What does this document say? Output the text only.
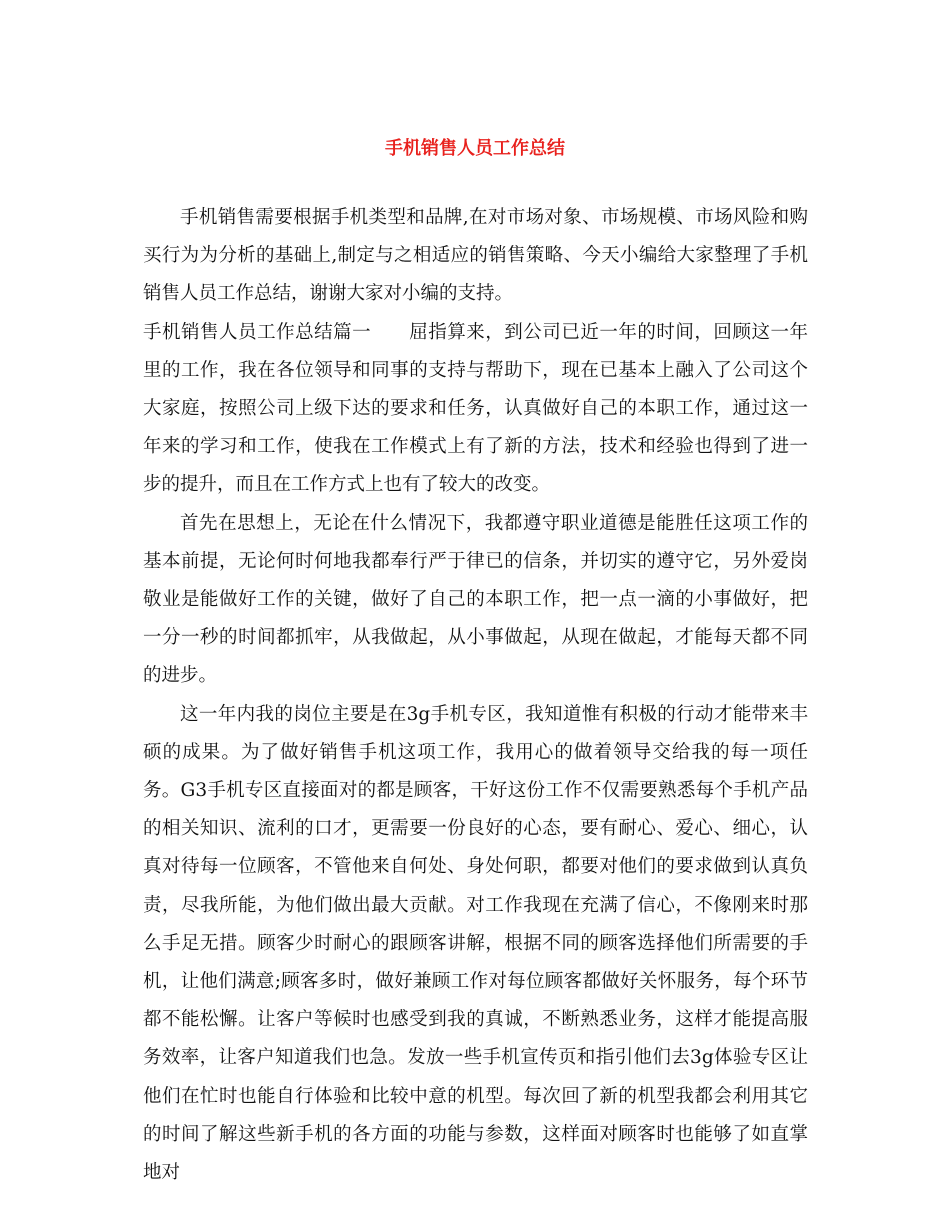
手机销售人员工作总结

手机销售需要根据手机类型和品牌,在对市场对象、市场规模、市场风险和购买行为为分析的基础上,制定与之相适应的销售策略、今天小编给大家整理了手机销售人员工作总结，谢谢大家对小编的支持。

手机销售人员工作总结篇一　　屈指算来，到公司已近一年的时间，回顾这一年里的工作，我在各位领导和同事的支持与帮助下，现在已基本上融入了公司这个大家庭，按照公司上级下达的要求和任务，认真做好自己的本职工作，通过这一年来的学习和工作，使我在工作模式上有了新的方法，技术和经验也得到了进一步的提升，而且在工作方式上也有了较大的改变。

首先在思想上，无论在什么情况下，我都遵守职业道德是能胜任这项工作的基本前提，无论何时何地我都奉行严于律已的信条，并切实的遵守它，另外爱岗敬业是能做好工作的关键，做好了自己的本职工作，把一点一滴的小事做好，把一分一秒的时间都抓牢，从我做起，从小事做起，从现在做起，才能每天都不同的进步。

这一年内我的岗位主要是在3g手机专区，我知道惟有积极的行动才能带来丰硕的成果。为了做好销售手机这项工作，我用心的做着领导交给我的每一项任务。G3手机专区直接面对的都是顾客，干好这份工作不仅需要熟悉每个手机产品的相关知识、流利的口才，更需要一份良好的心态，要有耐心、爱心、细心，认真对待每一位顾客，不管他来自何处、身处何职，都要对他们的要求做到认真负责，尽我所能，为他们做出最大贡献。对工作我现在充满了信心，不像刚来时那么手足无措。顾客少时耐心的跟顾客讲解，根据不同的顾客选择他们所需要的手机，让他们满意;顾客多时，做好兼顾工作对每位顾客都做好关怀服务，每个环节都不能松懈。让客户等候时也感受到我的真诚，不断熟悉业务，这样才能提高服务效率，让客户知道我们也急。发放一些手机宣传页和指引他们去3g体验专区让他们在忙时也能自行体验和比较中意的机型。每次回了新的机型我都会利用其它的时间了解这些新手机的各方面的功能与参数，这样面对顾客时也能够了如直掌地对
